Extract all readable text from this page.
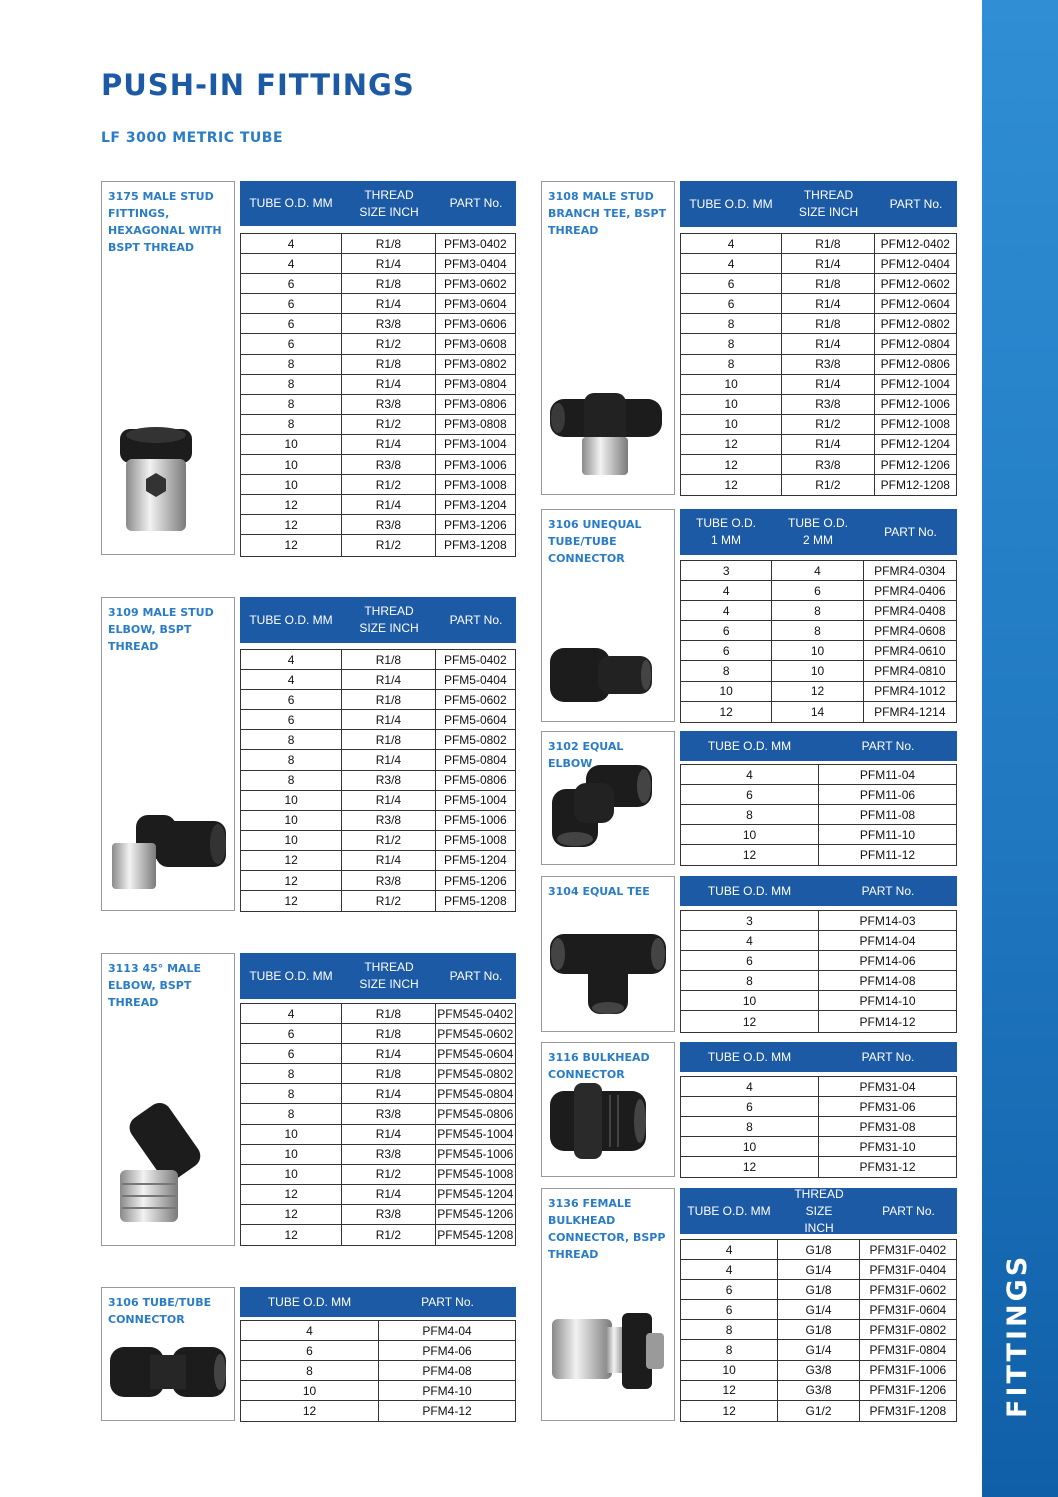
PUSH-IN FITTINGS
LF 3000 METRIC TUBE
FITTINGS
3175 MALE STUD FITTINGS, HEXAGONAL WITH BSPT THREAD
TUBE O.D. MM
THREAD SIZE INCH
PART No.
4	R1/8	PFM3-0402
4	R1/4	PFM3-0404
6	R1/8	PFM3-0602
6	R1/4	PFM3-0604
6	R3/8	PFM3-0606
6	R1/2	PFM3-0608
8	R1/8	PFM3-0802
8	R1/4	PFM3-0804
8	R3/8	PFM3-0806
8	R1/2	PFM3-0808
10	R1/4	PFM3-1004
10	R3/8	PFM3-1006
10	R1/2	PFM3-1008
12	R1/4	PFM3-1204
12	R3/8	PFM3-1206
12	R1/2	PFM3-1208
3109 MALE STUD ELBOW, BSPT THREAD
TUBE O.D. MM
THREAD SIZE INCH
PART No.
4	R1/8	PFM5-0402
4	R1/4	PFM5-0404
6	R1/8	PFM5-0602
6	R1/4	PFM5-0604
8	R1/8	PFM5-0802
8	R1/4	PFM5-0804
8	R3/8	PFM5-0806
10	R1/4	PFM5-1004
10	R3/8	PFM5-1006
10	R1/2	PFM5-1008
12	R1/4	PFM5-1204
12	R3/8	PFM5-1206
12	R1/2	PFM5-1208
3113 45° MALE ELBOW, BSPT THREAD
TUBE O.D. MM
THREAD SIZE INCH
PART No.
4	R1/8	PFM545-0402
6	R1/8	PFM545-0602
6	R1/4	PFM545-0604
8	R1/8	PFM545-0802
8	R1/4	PFM545-0804
8	R3/8	PFM545-0806
10	R1/4	PFM545-1004
10	R3/8	PFM545-1006
10	R1/2	PFM545-1008
12	R1/4	PFM545-1204
12	R3/8	PFM545-1206
12	R1/2	PFM545-1208
3106 TUBE/TUBE CONNECTOR
TUBE O.D. MM	PART No.
4	PFM4-04
6	PFM4-06
8	PFM4-08
10	PFM4-10
12	PFM4-12
3108 MALE STUD BRANCH TEE, BSPT THREAD
TUBE O.D. MM
THREAD SIZE INCH
PART No.
4	R1/8	PFM12-0402
4	R1/4	PFM12-0404
6	R1/8	PFM12-0602
6	R1/4	PFM12-0604
8	R1/8	PFM12-0802
8	R1/4	PFM12-0804
8	R3/8	PFM12-0806
10	R1/4	PFM12-1004
10	R3/8	PFM12-1006
10	R1/2	PFM12-1008
12	R1/4	PFM12-1204
12	R3/8	PFM12-1206
12	R1/2	PFM12-1208
3106 UNEQUAL TUBE/TUBE CONNECTOR
TUBE O.D. 1 MM
TUBE O.D. 2 MM
PART No.
3	4	PFMR4-0304
4	6	PFMR4-0406
4	8	PFMR4-0408
6	8	PFMR4-0608
6	10	PFMR4-0610
8	10	PFMR4-0810
10	12	PFMR4-1012
12	14	PFMR4-1214
3102 EQUAL ELBOW
TUBE O.D. MM	PART No.
4	PFM11-04
6	PFM11-06
8	PFM11-08
10	PFM11-10
12	PFM11-12
3104 EQUAL TEE	TUBE O.D. MM	PART No.
3	PFM14-03
4	PFM14-04
6	PFM14-06
8	PFM14-08
10	PFM14-10
12	PFM14-12
3116 BULKHEAD CONNECTOR
TUBE O.D. MM	PART No.
4	PFM31-04
6	PFM31-06
8	PFM31-08
10	PFM31-10
12	PFM31-12
3136 FEMALE BULKHEAD CONNECTOR, BSPP THREAD
TUBE O.D. MM
THREAD SIZE INCH
PART No.
4	G1/8	PFM31F-0402
4	G1/4	PFM31F-0404
6	G1/8	PFM31F-0602
6	G1/4	PFM31F-0604
8	G1/8	PFM31F-0802
8	G1/4	PFM31F-0804
10	G3/8	PFM31F-1006
12	G3/8	PFM31F-1206
12	G1/2	PFM31F-1208
